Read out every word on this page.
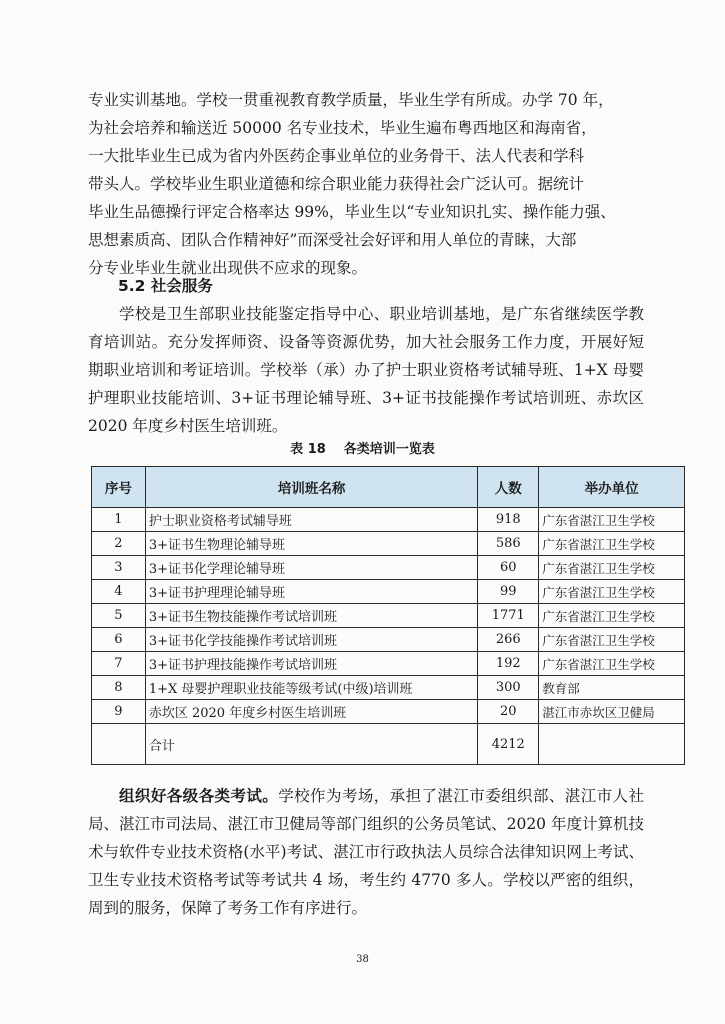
专业实训基地。学校一贯重视教育教学质量，毕业生学有所成。办学 70 年，

为社会培养和输送近 50000 名专业技术，毕业生遍布粤西地区和海南省，

一大批毕业生已成为省内外医药企事业单位的业务骨干、法人代表和学科

带头人。学校毕业生职业道德和综合职业能力获得社会广泛认可。据统计

毕业生品德操行评定合格率达 99%，毕业生以“专业知识扎实、操作能力强、

思想素质高、团队合作精神好”而深受社会好评和用人单位的青睐，大部

分专业毕业生就业出现供不应求的现象。

5.2 社会服务

学校是卫生部职业技能鉴定指导中心、职业培训基地，是广东省继续医学教育培训站。充分发挥师资、设备等资源优势，加大社会服务工作力度，开展好短期职业培训和考证培训。学校举（承）办了护士职业资格考试辅导班、1+X 母婴护理职业技能培训、3+证书理论辅导班、3+证书技能操作考试培训班、赤坎区 2020 年度乡村医生培训班。

表 18 各类培训一览表
序号	培训班名称	人数	举办单位
1	护士职业资格考试辅导班	918	广东省湛江卫生学校
2	3+证书生物理论辅导班	586	广东省湛江卫生学校
3	3+证书化学理论辅导班	60	广东省湛江卫生学校
4	3+证书护理理论辅导班	99	广东省湛江卫生学校
5	3+证书生物技能操作考试培训班	1771	广东省湛江卫生学校
6	3+证书化学技能操作考试培训班	266	广东省湛江卫生学校
7	3+证书护理技能操作考试培训班	192	广东省湛江卫生学校
8	1+X 母婴护理职业技能等级考试(中级)培训班	300	教育部
9	赤坎区 2020 年度乡村医生培训班	20	湛江市赤坎区卫健局
	合计	4212	

组织好各级各类考试。学校作为考场，承担了湛江市委组织部、湛江市人社局、湛江市司法局、湛江市卫健局等部门组织的公务员笔试、2020 年度计算机技术与软件专业技术资格(水平)考试、湛江市行政执法人员综合法律知识网上考试、卫生专业技术资格考试等考试共 4 场，考生约 4770 多人。学校以严密的组织，周到的服务，保障了考务工作有序进行。

38
